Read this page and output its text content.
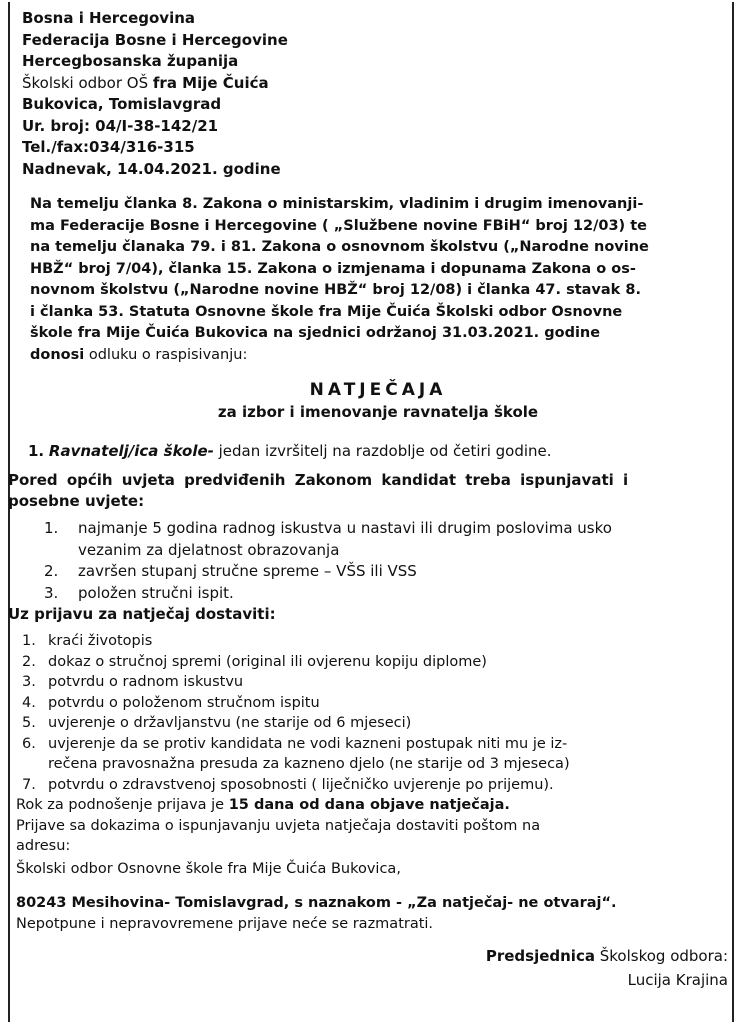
Bosna i Hercegovina

Federacija Bosne i Hercegovine

Hercegbosanska županija

Školski odbor OŠ fra Mije Čuića

Bukovica, Tomislavgrad

Ur. broj: 04/I-38-142/21

Tel./fax:034/316-315

Nadnevak, 14.04.2021. godine

Na temelju članka 8. Zakona o ministarskim, vladinim i drugim imenovanji-
ma Federacije Bosne i Hercegovine ( „Službene novine FBiH“ broj 12/03) te
na temelju članaka 79. i 81. Zakona o osnovnom školstvu („Narodne novine
HBŽ“ broj 7/04), članka 15. Zakona o izmjenama i dopunama Zakona o os-
novnom školstvu („Narodne novine HBŽ“ broj 12/08) i članka 47. stavak 8.
i članka 53. Statuta Osnovne škole fra Mije Čuića Školski odbor Osnovne
škole fra Mije Čuića Bukovica na sjednici održanoj 31.03.2021. godine
donosi odluku o raspisivanju:
NATJEČAJA
za izbor i imenovanje ravnatelja škole
1. Ravnatelj/ica škole- jedan izvršitelj na razdoblje od četiri godine.
Pored općih uvjeta predviđenih Zakonom kandidat treba ispunjavati i
posebne uvjete:
1. najmanje 5 godina radnog iskustva u nastavi ili drugim poslovima usko
vezanim za djelatnost obrazovanja
2. završen stupanj stručne spreme – VŠS ili VSS
3. položen stručni ispit.
Uz prijavu za natječaj dostaviti:
1. kraći životopis
2. dokaz o stručnoj spremi (original ili ovjerenu kopiju diplome)
3. potvrdu o radnom iskustvu
4. potvrdu o položenom stručnom ispitu
5. uvjerenje o državljanstvu (ne starije od 6 mjeseci)
6. uvjerenje da se protiv kandidata ne vodi kazneni postupak niti mu je iz-
rečena pravosnažna presuda za kazneno djelo (ne starije od 3 mjeseca)
7. potvrdu o zdravstvenoj sposobnosti ( liječničko uvjerenje po prijemu).
Rok za podnošenje prijava je 15 dana od dana objave natječaja.
Prijave sa dokazima o ispunjavanju uvjeta natječaja dostaviti poštom na
adresu:
Školski odbor Osnovne škole fra Mije Čuića Bukovica,
80243 Mesihovina- Tomislavgrad, s naznakom - „Za natječaj- ne otvaraj“.
Nepotpune i nepravovremene prijave neće se razmatrati.
Predsjednica Školskog odbora:
Lucija Krajina
